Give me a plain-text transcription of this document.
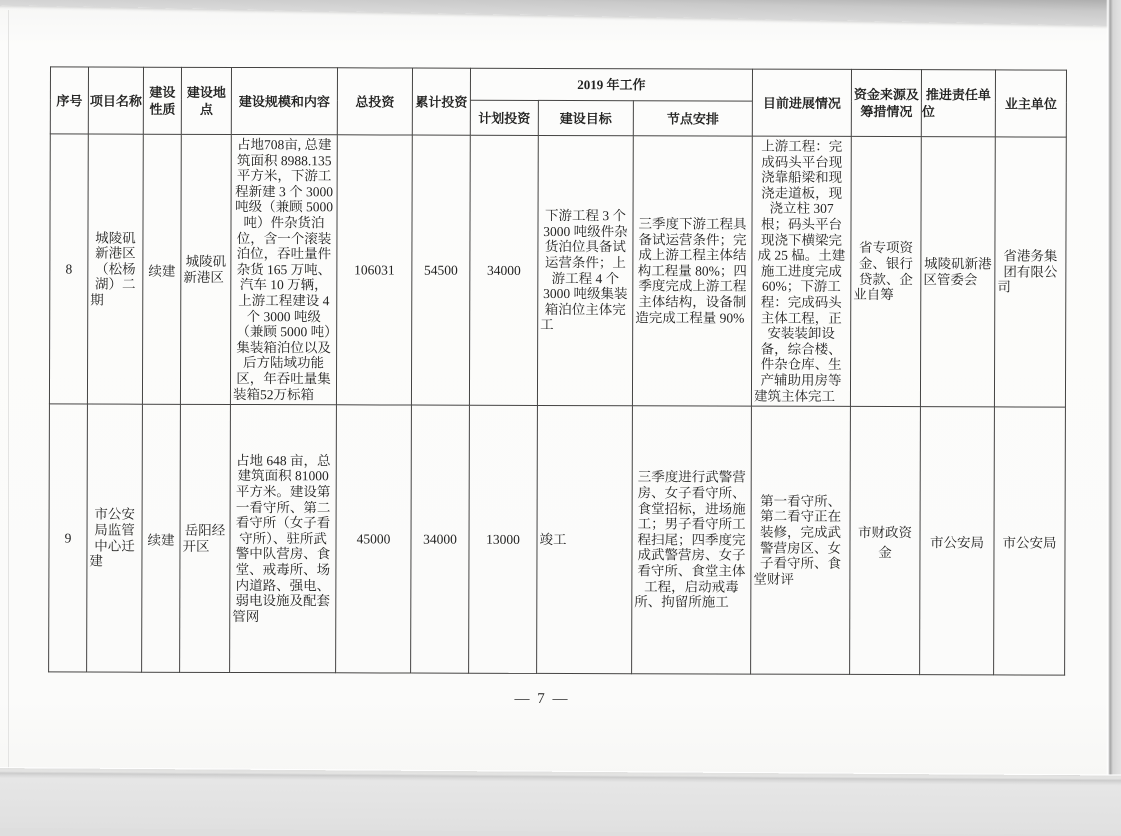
序号	项目名称	建设性质	建设地点	建设规模和内容	总投资	累计投资	2019 年工作			目前进展情况	资金来源及筹措情况	推进责任单位	业主单位
							计划投资	建设目标	节点安排				
8	城陵矶新港区（松杨湖）二期	续建	城陵矶新港区	占地708亩, 总建筑面积 8988.135 平方米，下游工程新建 3 个 3000 吨级（兼顾 5000 吨）件杂货泊位，含一个滚装泊位，吞吐量件杂货 165 万吨、汽车 10 万辆，上游工程建设 4 个 3000 吨级（兼顾 5000 吨）集装箱泊位以及后方陆域功能区，年吞吐量集装箱52万标箱	106031	54500	34000	下游工程 3 个 3000 吨级件杂货泊位具备试运营条件；上游工程 4 个 3000 吨级集装箱泊位主体完工	三季度下游工程具备试运营条件；完成上游工程主体结构工程量 80%；四季度完成上游工程主体结构，设备制造完成工程量 90%	上游工程：完成码头平台现浇靠船梁和现浇走道板，现浇立柱 307 根；码头平台现浇下横梁完成 25 榀。土建施工进度完成 60%；下游工程：完成码头主体工程，正安装装卸设备，综合楼、件杂仓库、生产辅助用房等建筑主体完工	省专项资金、银行贷款、企业自筹	城陵矶新港区管委会	省港务集团有限公司
9	市公安局监管中心迁建	续建	岳阳经开区	占地 648 亩，总建筑面积 81000 平方米。建设第一看守所、第二看守所（女子看守所）、驻所武警中队营房、食堂、戒毒所、场内道路、强电、弱电设施及配套管网	45000	34000	13000	竣工	三季度进行武警营房、女子看守所、食堂招标，进场施工；男子看守所工程扫尾；四季度完成武警营房、女子看守所、食堂主体工程，启动戒毒所、拘留所施工	第一看守所、第二看守正在装修，完成武警营房区、女子看守所、食堂财评	市财政资金	市公安局	市公安局
— 7 —
